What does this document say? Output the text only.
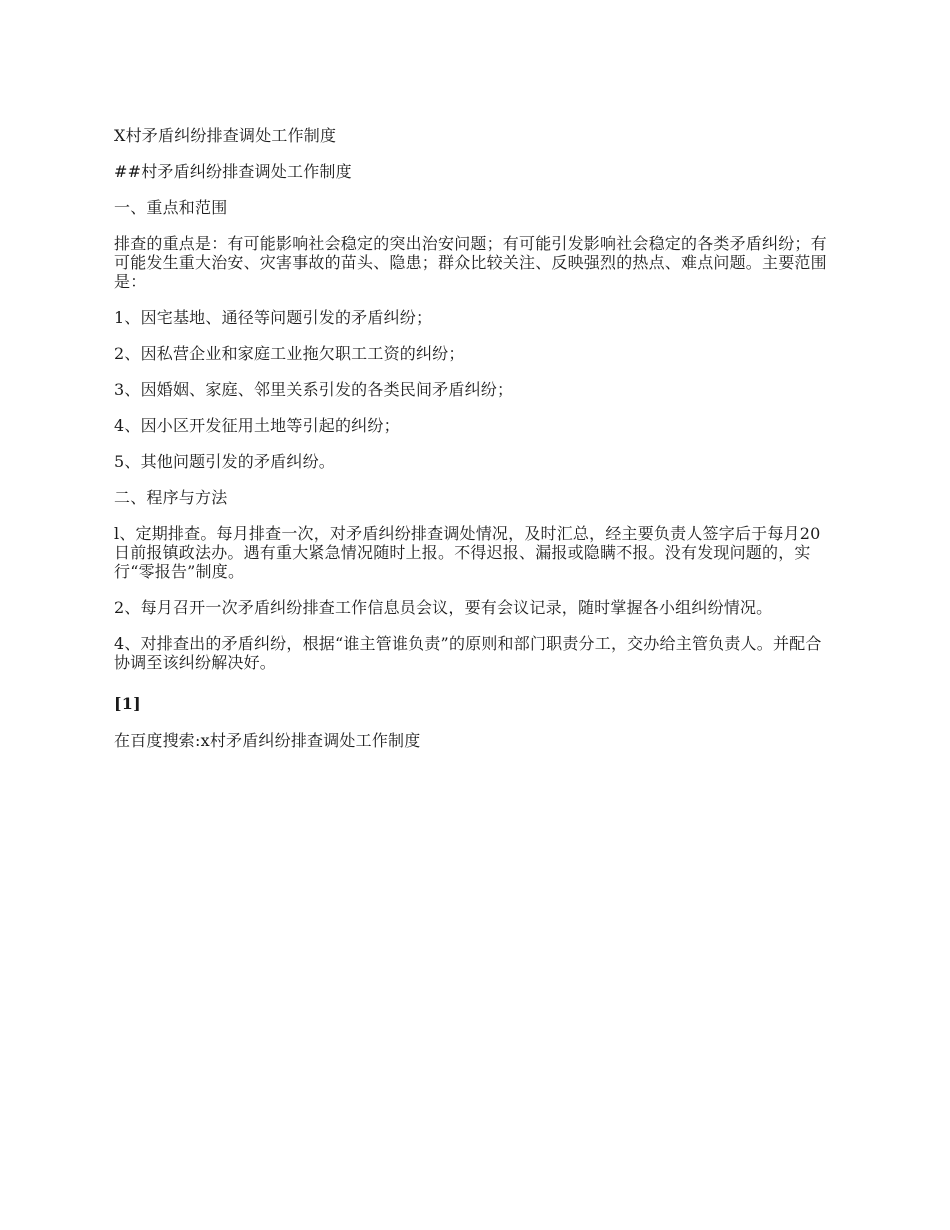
X村矛盾纠纷排查调处工作制度

##村矛盾纠纷排查调处工作制度

一、重点和范围

排查的重点是：有可能影响社会稳定的突出治安问题；有可能引发影响社会稳定的各类矛盾纠纷；有可能发生重大治安、灾害事故的苗头、隐患；群众比较关注、反映强烈的热点、难点问题。主要范围是：

1、因宅基地、通径等问题引发的矛盾纠纷；

2、因私营企业和家庭工业拖欠职工工资的纠纷；

3、因婚姻、家庭、邻里关系引发的各类民间矛盾纠纷；

4、因小区开发征用土地等引起的纠纷；

5、其他问题引发的矛盾纠纷。

二、程序与方法

l、定期排查。每月排查一次，对矛盾纠纷排查调处情况，及时汇总，经主要负责人签字后于每月20日前报镇政法办。遇有重大紧急情况随时上报。不得迟报、漏报或隐瞒不报。没有发现问题的，实行“零报告”制度。

2、每月召开一次矛盾纠纷排查工作信息员会议，要有会议记录，随时掌握各小组纠纷情况。

4、对排查出的矛盾纠纷，根据“谁主管谁负责”的原则和部门职责分工，交办给主管负责人。并配合协调至该纠纷解决好。

[1]

在百度搜索:x村矛盾纠纷排查调处工作制度
